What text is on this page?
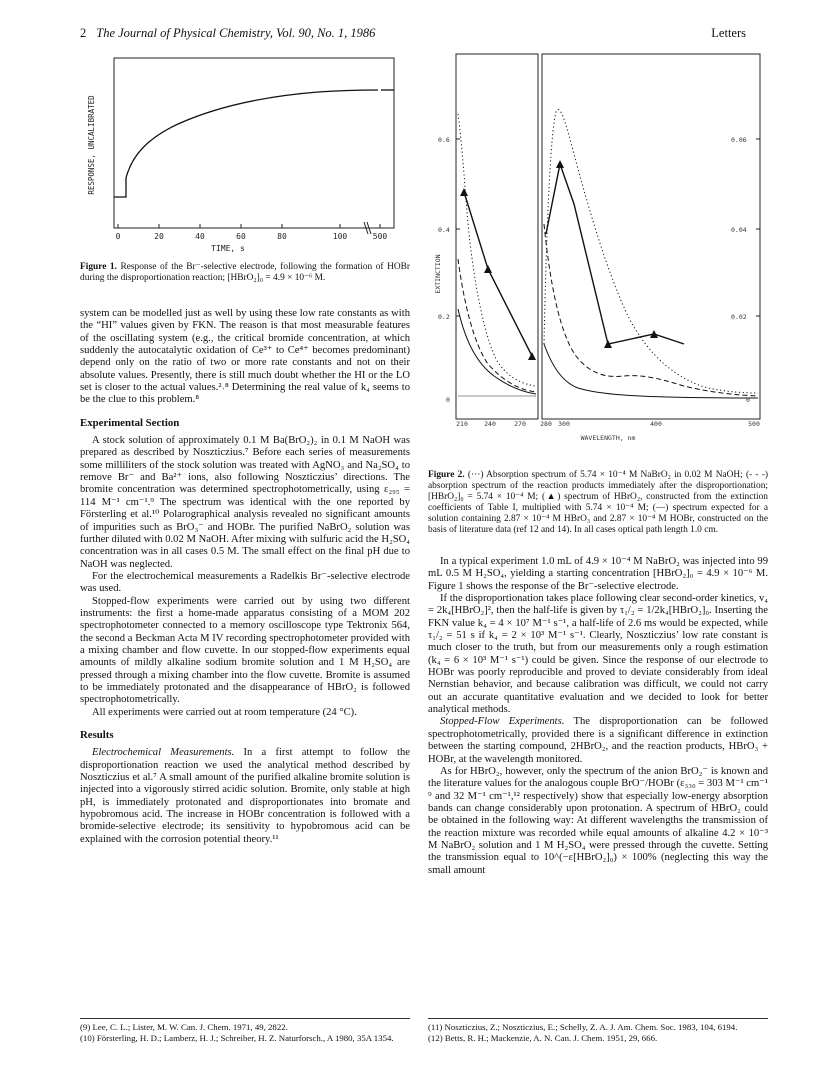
2 The Journal of Physical Chemistry, Vol. 90, No. 1, 1986	Letters
0	20	40	60	80	100	500
TIME, s
RESPONSE, UNCALIBRATED
Figure 1. Response of the Br⁻-selective electrode, following the formation of HOBr during the disproportionation reaction; [HBrO₂]₀ = 4.9 × 10⁻⁶ M.

system can be modelled just as well by using these low rate constants as with the “HI” values given by FKN. The reason is that most measurable features of the oscillating system (e.g., the critical bromide concentration, at which suddenly the autocatalytic oxidation of Ce³⁺ to Ce⁴⁺ becomes predominant) depend only on the ratio of two or more rate constants and not on their absolute values. Presently, there is still much doubt whether the HI or the LO set is closer to the actual values.²˒⁸ Determining the real value of k₄ seems to be the clue to this problem.⁸

Experimental Section

A stock solution of approximately 0.1 M Ba(BrO₂)₂ in 0.1 M NaOH was prepared as described by Noszticzius.⁷ Before each series of measurements some milliliters of the stock solution was treated with AgNO₃ and Na₂SO₄ to remove Br⁻ and Ba²⁺ ions, also following Noszticzius’ directions. The bromite concentration was determined spectrophotometrically, using ε₂₉₅ = 114 M⁻¹ cm⁻¹.⁹ The spectrum was identical with the one reported by Försterling et al.¹⁰ Polarographical analysis revealed no significant amounts of impurities such as BrO₃⁻ and HOBr. The purified NaBrO₂ solution was further diluted with 0.02 M NaOH. After mixing with sulfuric acid the H₂SO₄ concentration was in all cases 0.5 M. The small effect on the final pH due to NaOH was neglected.

For the electrochemical measurements a Radelkis Br⁻-selective electrode was used.

Stopped-flow experiments were carried out by using two different instruments: the first a home-made apparatus consisting of a MOM 202 spectrophotometer connected to a memory oscilloscope type Tektronix 564, the second a Beckman Acta M IV recording spectrophotometer provided with a mixing chamber and flow cuvette. In our stopped-flow experiments equal amounts of mildly alkaline sodium bromite solution and 1 M H₂SO₄ are pressed through a mixing chamber into the flow cuvette. Bromite is assumed to be immediately protonated and the disappearance of HBrO₂ is followed spectrophotometrically.

All experiments were carried out at room temperature (24 °C).

Results

Electrochemical Measurements. In a first attempt to follow the disproportionation reaction we used the analytical method described by Noszticzius et al.⁷ A small amount of the purified alkaline bromite solution is injected into a vigorously stirred acidic solution. Bromite, only stable at high pH, is immediately protonated and disproportionates into bromate and hypobromous acid. The increase in HOBr concentration is followed with a bromide-selective electrode; its sensitivity to hypobromous acid can be explained with the corrosion potential theory.¹¹

0.6
0.4
0.2
0
0.06
0.04
0.02
0
210	240	270 280 300	400	500
WAVELENGTH, nm
EXTINCTION
Figure 2. (···) Absorption spectrum of 5.74 × 10⁻⁴ M NaBrO₂ in 0.02 M NaOH; (- - -) absorption spectrum of the reaction products immediately after the disproportionation; [HBrO₂]₀ = 5.74 × 10⁻⁴ M; (▲) spectrum of HBrO₂, constructed from the extinction coefficients of Table I, multiplied with 5.74 × 10⁻⁴ M; (—) spectrum expected for a solution containing 2.87 × 10⁻⁴ M HBrO₃ and 2.87 × 10⁻⁴ M HOBr, constructed on the basis of literature data (ref 12 and 14). In all cases optical path length 1.0 cm.

In a typical experiment 1.0 mL of 4.9 × 10⁻⁴ M NaBrO₂ was injected into 99 mL 0.5 M H₂SO₄, yielding a starting concentration [HBrO₂]₀ = 4.9 × 10⁻⁶ M. Figure 1 shows the response of the Br⁻-selective electrode.

If the disproportionation takes place following clear second-order kinetics, v₄ = 2k₄[HBrO₂]², then the half-life is given by τ₁/₂ = 1/2k₄[HBrO₂]₀. Inserting the FKN value k₄ = 4 × 10⁷ M⁻¹ s⁻¹, a half-life of 2.6 ms would be expected, while τ₁/₂ = 51 s if k₄ = 2 × 10³ M⁻¹ s⁻¹. Clearly, Noszticzius’ low rate constant is much closer to the truth, but from our measurements only a rough estimation (k₄ = 6 × 10³ M⁻¹ s⁻¹) could be given. Since the response of our electrode to HOBr was poorly reproducible and proved to deviate considerably from ideal Nernstian behavior, and because calibration was difficult, we could not carry out an accurate quantitative evaluation and we decided to look for better analytical methods.

Stopped-Flow Experiments. The disproportionation can be followed spectrophotometrically, provided there is a significant difference in extinction between the starting compound, 2HBrO₂, and the reaction products, HBrO₃ + HOBr, at the wavelength monitored.

As for HBrO₂, however, only the spectrum of the anion BrO₂⁻ is known and the literature values for the analogous couple BrO⁻/HOBr (ε₃₃₀ = 303 M⁻¹ cm⁻¹ ⁹ and 32 M⁻¹ cm⁻¹,¹² respectively) show that especially low-energy absorption bands can change considerably upon protonation. A spectrum of HBrO₂ could be obtained in the following way: At different wavelengths the transmission of the reaction mixture was recorded while equal amounts of alkaline 4.2 × 10⁻³ M NaBrO₂ solution and 1 M H₂SO₄ were pressed through the cuvette. Setting the transmission equal to 10^(−ε[HBrO₂]₀) × 100% (neglecting this way the small amount

(9) Lee, C. L.; Lister, M. W. Can. J. Chem. 1971, 49, 2822.
(10) Försterling, H. D.; Lamberz, H. J.; Schreiber, H. Z. Naturforsch., A 1980, 35A 1354.
(11) Noszticzius, Z.; Noszticzius, E.; Schelly, Z. A. J. Am. Chem. Soc. 1983, 104, 6194.
(12) Betts, R. H.; Mackenzie, A. N. Can. J. Chem. 1951, 29, 666.
